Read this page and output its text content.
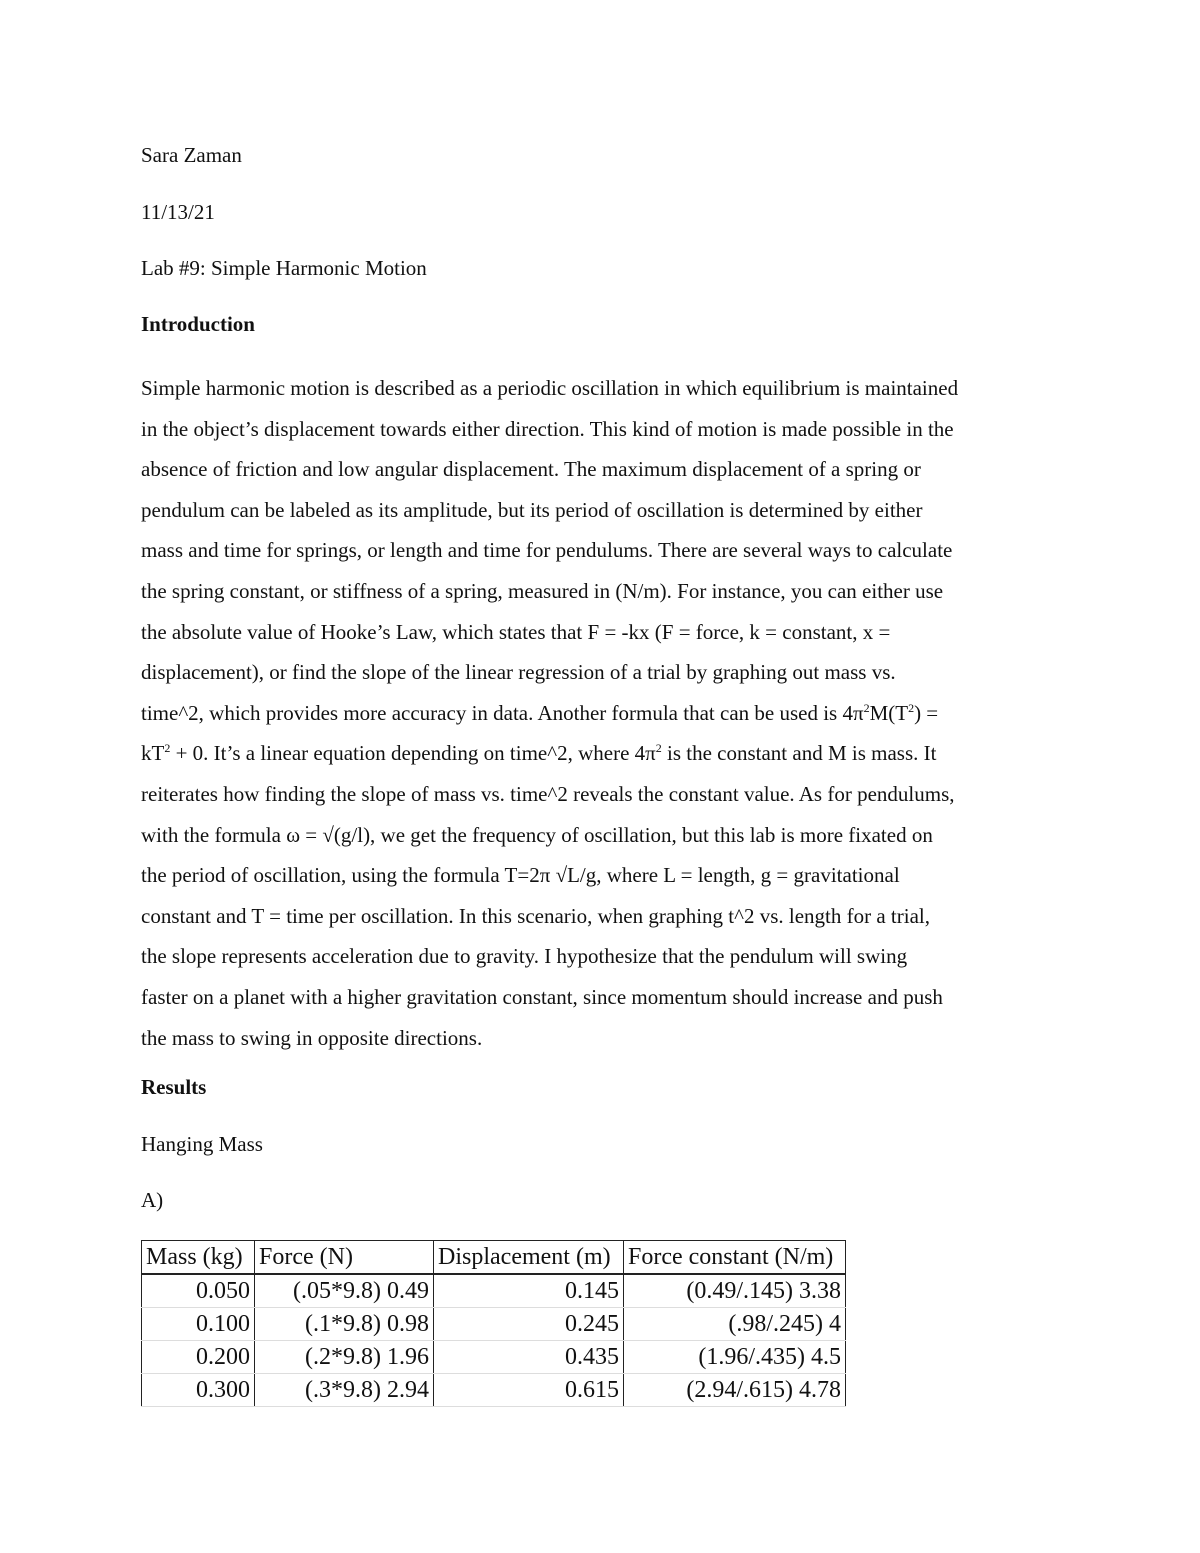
Sara Zaman
11/13/21
Lab #9: Simple Harmonic Motion
Introduction
Simple harmonic motion is described as a periodic oscillation in which equilibrium is maintained
in the object’s displacement towards either direction. This kind of motion is made possible in the
absence of friction and low angular displacement. The maximum displacement of a spring or
pendulum can be labeled as its amplitude, but its period of oscillation is determined by either
mass and time for springs, or length and time for pendulums. There are several ways to calculate
the spring constant, or stiffness of a spring, measured in (N/m). For instance, you can either use
the absolute value of Hooke’s Law, which states that F = -kx (F = force, k = constant, x =
displacement), or find the slope of the linear regression of a trial by graphing out mass vs.
time^2, which provides more accuracy in data. Another formula that can be used is $4\pi^2M(T^2)$ =
$kT^2 + 0$. It’s a linear equation depending on time^2, where $4\pi^2$ is the constant and M is mass. It
reiterates how finding the slope of mass vs. time^2 reveals the constant value. As for pendulums,
with the formula ω = √(g/l), we get the frequency of oscillation, but this lab is more fixated on
the period of oscillation, using the formula T=2π √L/g, where L = length, g = gravitational
constant and T = time per oscillation. In this scenario, when graphing t^2 vs. length for a trial,
the slope represents acceleration due to gravity. I hypothesize that the pendulum will swing
faster on a planet with a higher gravitation constant, since momentum should increase and push
the mass to swing in opposite directions.
Results
Hanging Mass
A)
Mass (kg)	Force (N)	Displacement (m)	Force constant (N/m)
0.050	(.05*9.8) 0.49	0.145	(0.49/.145) 3.38
0.100	(.1*9.8) 0.98	0.245	(.98/.245) 4
0.200	(.2*9.8) 1.96	0.435	(1.96/.435) 4.5
0.300	(.3*9.8) 2.94	0.615	(2.94/.615) 4.78
